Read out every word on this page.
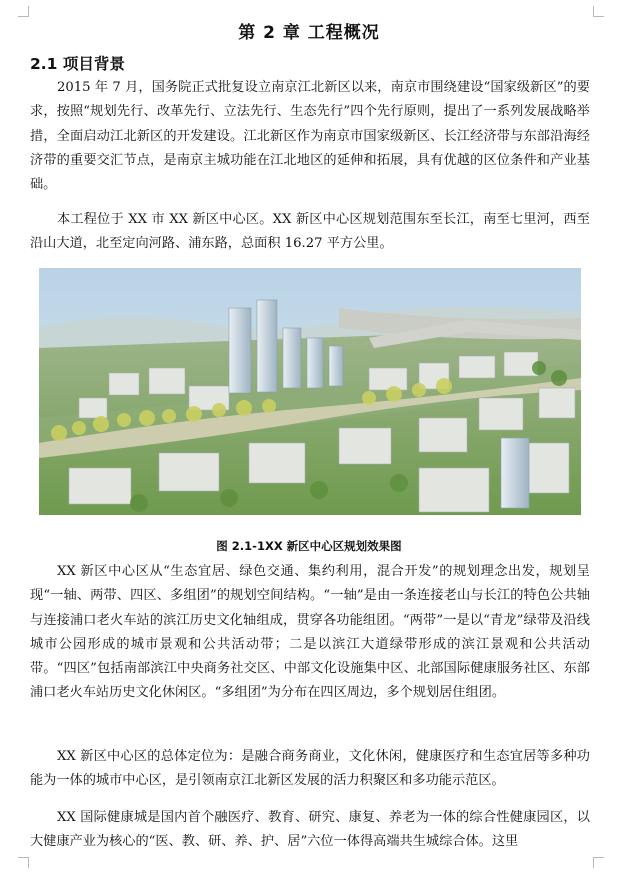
第 2 章 工程概况
2.1 项目背景

2015 年 7 月，国务院正式批复设立南京江北新区以来，南京市围绕建设“国家级新区”的要求，按照“规划先行、改革先行、立法先行、生态先行”四个先行原则，提出了一系列发展战略举措，全面启动江北新区的开发建设。江北新区作为南京市国家级新区、长江经济带与东部沿海经济带的重要交汇节点，是南京主城功能在江北地区的延伸和拓展，具有优越的区位条件和产业基础。

本工程位于 XX 市 XX 新区中心区。XX 新区中心区规划范围东至长江，南至七里河，西至沿山大道，北至定向河路、浦东路，总面积 16.27 平方公里。

图 2.1-1XX 新区中心区规划效果图

XX 新区中心区从“生态宜居、绿色交通、集约利用，混合开发”的规划理念出发，规划呈现“一轴、两带、四区、多组团”的规划空间结构。“一轴”是由一条连接老山与长江的特色公共轴与连接浦口老火车站的滨江历史文化轴组成，贯穿各功能组团。“两带”一是以“青龙”绿带及沿线城市公园形成的城市景观和公共活动带；二是以滨江大道绿带形成的滨江景观和公共活动带。“四区”包括南部滨江中央商务社交区、中部文化设施集中区、北部国际健康服务社区、东部浦口老火车站历史文化休闲区。“多组团”为分布在四区周边，多个规划居住组团。

XX 新区中心区的总体定位为：是融合商务商业，文化休闲，健康医疗和生态宜居等多种功能为一体的城市中心区，是引领南京江北新区发展的活力积聚区和多功能示范区。

XX 国际健康城是国内首个融医疗、教育、研究、康复、养老为一体的综合性健康园区，以大健康产业为核心的“医、教、研、养、护、居”六位一体得高端共生城综合体。这里
